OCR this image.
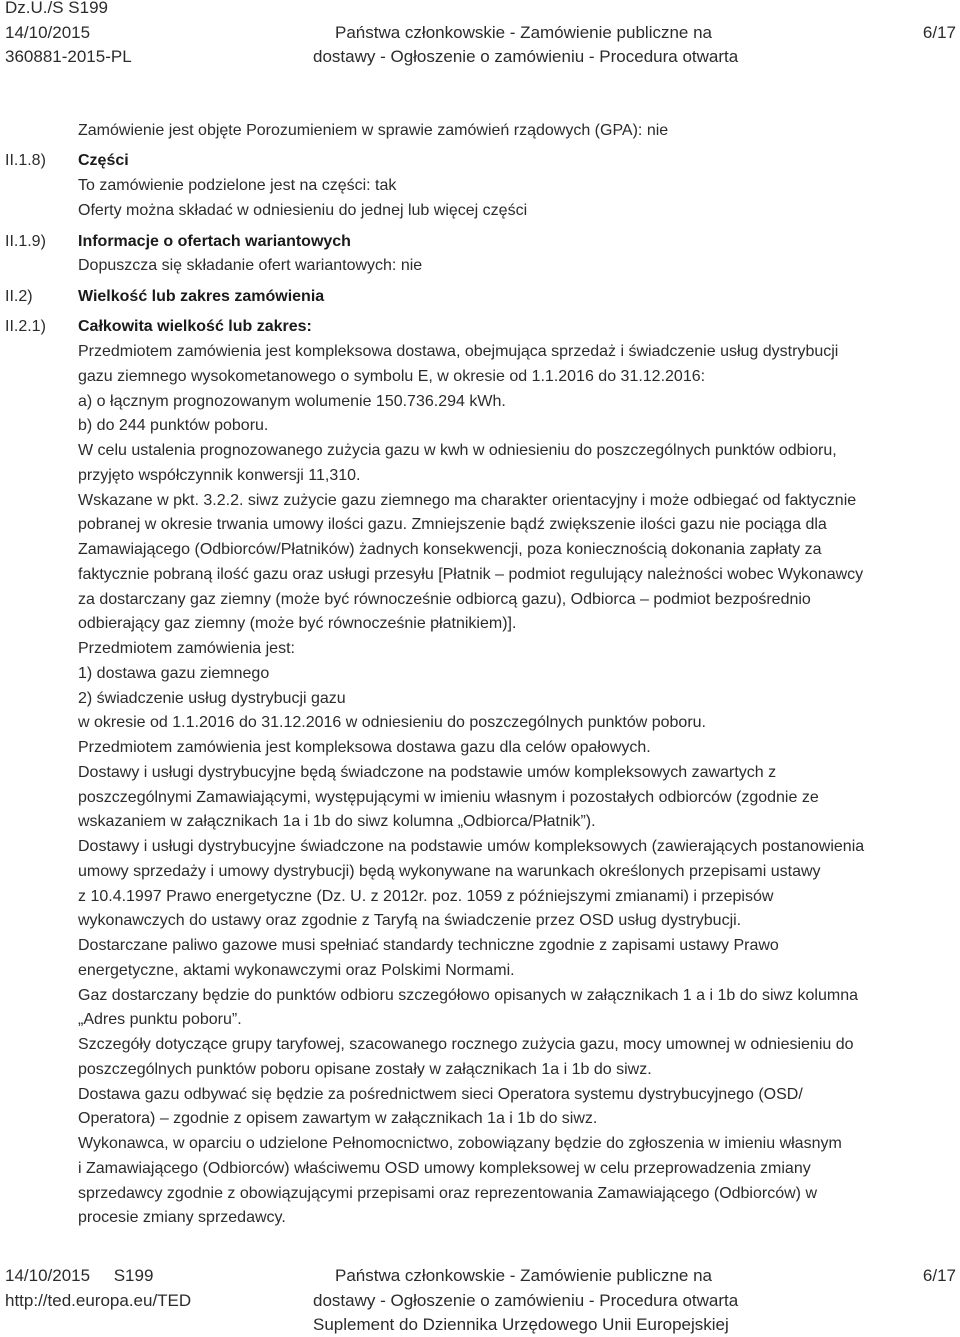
Dz.U./S S199
14/10/2015
360881-2015-PL
Państwa członkowskie - Zamówienie publiczne na
dostawy - Ogłoszenie o zamówieniu - Procedura otwarta
6/17
II.1.8)
II.1.9)
II.2)
II.2.1)
Zamówienie jest objęte Porozumieniem w sprawie zamówień rządowych (GPA): nie
Części
To zamówienie podzielone jest na części: tak
Oferty można składać w odniesieniu do jednej lub więcej części
Informacje o ofertach wariantowych
Dopuszcza się składanie ofert wariantowych: nie
Wielkość lub zakres zamówienia
Całkowita wielkość lub zakres:
Przedmiotem zamówienia jest kompleksowa dostawa, obejmująca sprzedaż i świadczenie usług dystrybucji
gazu ziemnego wysokometanowego o symbolu E, w okresie od 1.1.2016 do 31.12.2016:
a) o łącznym prognozowanym wolumenie 150.736.294 kWh.
b) do 244 punktów poboru.
W celu ustalenia prognozowanego zużycia gazu w kwh w odniesieniu do poszczególnych punktów odbioru,
przyjęto współczynnik konwersji 11,310.
Wskazane w pkt. 3.2.2. siwz zużycie gazu ziemnego ma charakter orientacyjny i może odbiegać od faktycznie
pobranej w okresie trwania umowy ilości gazu. Zmniejszenie bądź zwiększenie ilości gazu nie pociąga dla
Zamawiającego (Odbiorców/Płatników) żadnych konsekwencji, poza koniecznością dokonania zapłaty za
faktycznie pobraną ilość gazu oraz usługi przesyłu [Płatnik – podmiot regulujący należności wobec Wykonawcy
za dostarczany gaz ziemny (może być równocześnie odbiorcą gazu), Odbiorca – podmiot bezpośrednio
odbierający gaz ziemny (może być równocześnie płatnikiem)].
Przedmiotem zamówienia jest:
1) dostawa gazu ziemnego
2) świadczenie usług dystrybucji gazu
w okresie od 1.1.2016 do 31.12.2016 w odniesieniu do poszczególnych punktów poboru.
Przedmiotem zamówienia jest kompleksowa dostawa gazu dla celów opałowych.
Dostawy i usługi dystrybucyjne będą świadczone na podstawie umów kompleksowych zawartych z
poszczególnymi Zamawiającymi, występującymi w imieniu własnym i pozostałych odbiorców (zgodnie ze
wskazaniem w załącznikach 1a i 1b do siwz kolumna „Odbiorca/Płatnik”).
Dostawy i usługi dystrybucyjne świadczone na podstawie umów kompleksowych (zawierających postanowienia
umowy sprzedaży i umowy dystrybucji) będą wykonywane na warunkach określonych przepisami ustawy
z 10.4.1997 Prawo energetyczne (Dz. U. z 2012r. poz. 1059 z późniejszymi zmianami) i przepisów
wykonawczych do ustawy oraz zgodnie z Taryfą na świadczenie przez OSD usług dystrybucji.
Dostarczane paliwo gazowe musi spełniać standardy techniczne zgodnie z zapisami ustawy Prawo
energetyczne, aktami wykonawczymi oraz Polskimi Normami.
Gaz dostarczany będzie do punktów odbioru szczegółowo opisanych w załącznikach 1 a i 1b do siwz kolumna
„Adres punktu poboru”.
Szczegóły dotyczące grupy taryfowej, szacowanego rocznego zużycia gazu, mocy umownej w odniesieniu do
poszczególnych punktów poboru opisane zostały w załącznikach 1a i 1b do siwz.
Dostawa gazu odbywać się będzie za pośrednictwem sieci Operatora systemu dystrybucyjnego (OSD/
Operatora) – zgodnie z opisem zawartym w załącznikach 1a i 1b do siwz.
Wykonawca, w oparciu o udzielone Pełnomocnictwo, zobowiązany będzie do zgłoszenia w imieniu własnym
i Zamawiającego (Odbiorców) właściwemu OSD umowy kompleksowej w celu przeprowadzenia zmiany
sprzedawcy zgodnie z obowiązującymi przepisami oraz reprezentowania Zamawiającego (Odbiorców) w
procesie zmiany sprzedawcy.
14/10/2015     S199
http://ted.europa.eu/TED
Państwa członkowskie - Zamówienie publiczne na
dostawy - Ogłoszenie o zamówieniu - Procedura otwarta
Suplement do Dziennika Urzędowego Unii Europejskiej
6/17
